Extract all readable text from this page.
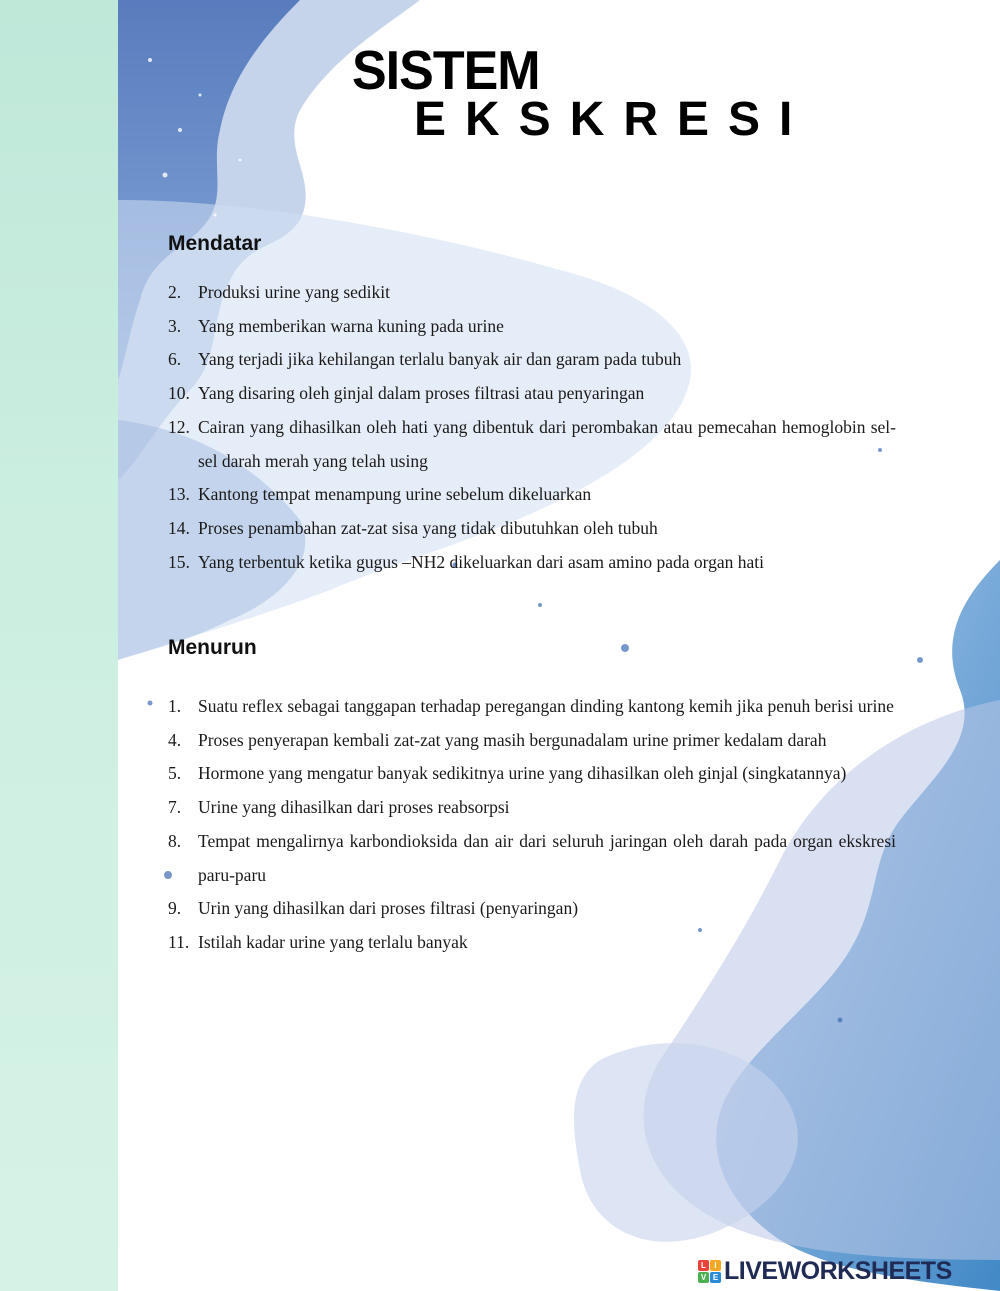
SISTEM
EKSKRESI
Mendatar
2. Produksi urine yang sedikit
3. Yang memberikan warna kuning pada urine
6. Yang terjadi jika kehilangan terlalu banyak air dan garam pada tubuh
10. Yang disaring oleh ginjal dalam proses filtrasi atau penyaringan
12. Cairan yang dihasilkan oleh hati yang dibentuk dari perombakan atau pemecahan hemoglobin sel-sel darah merah yang telah using
13. Kantong tempat menampung urine sebelum dikeluarkan
14. Proses penambahan zat-zat sisa yang tidak dibutuhkan oleh tubuh
15. Yang terbentuk ketika gugus –NH2 dikeluarkan dari asam amino pada organ hati
Menurun
1. Suatu reflex sebagai tanggapan terhadap peregangan dinding kantong kemih jika penuh berisi urine
4. Proses penyerapan kembali zat-zat yang masih bergunadalam urine primer kedalam darah
5. Hormone yang mengatur banyak sedikitnya urine yang dihasilkan oleh ginjal (singkatannya)
7. Urine yang dihasilkan dari proses reabsorpsi
8. Tempat mengalirnya karbondioksida dan air dari seluruh jaringan oleh darah pada organ ekskresi paru-paru
9. Urin yang dihasilkan dari proses filtrasi (penyaringan)
11. Istilah kadar urine yang terlalu banyak
L	I
V E LIVEWORKSHEETS
